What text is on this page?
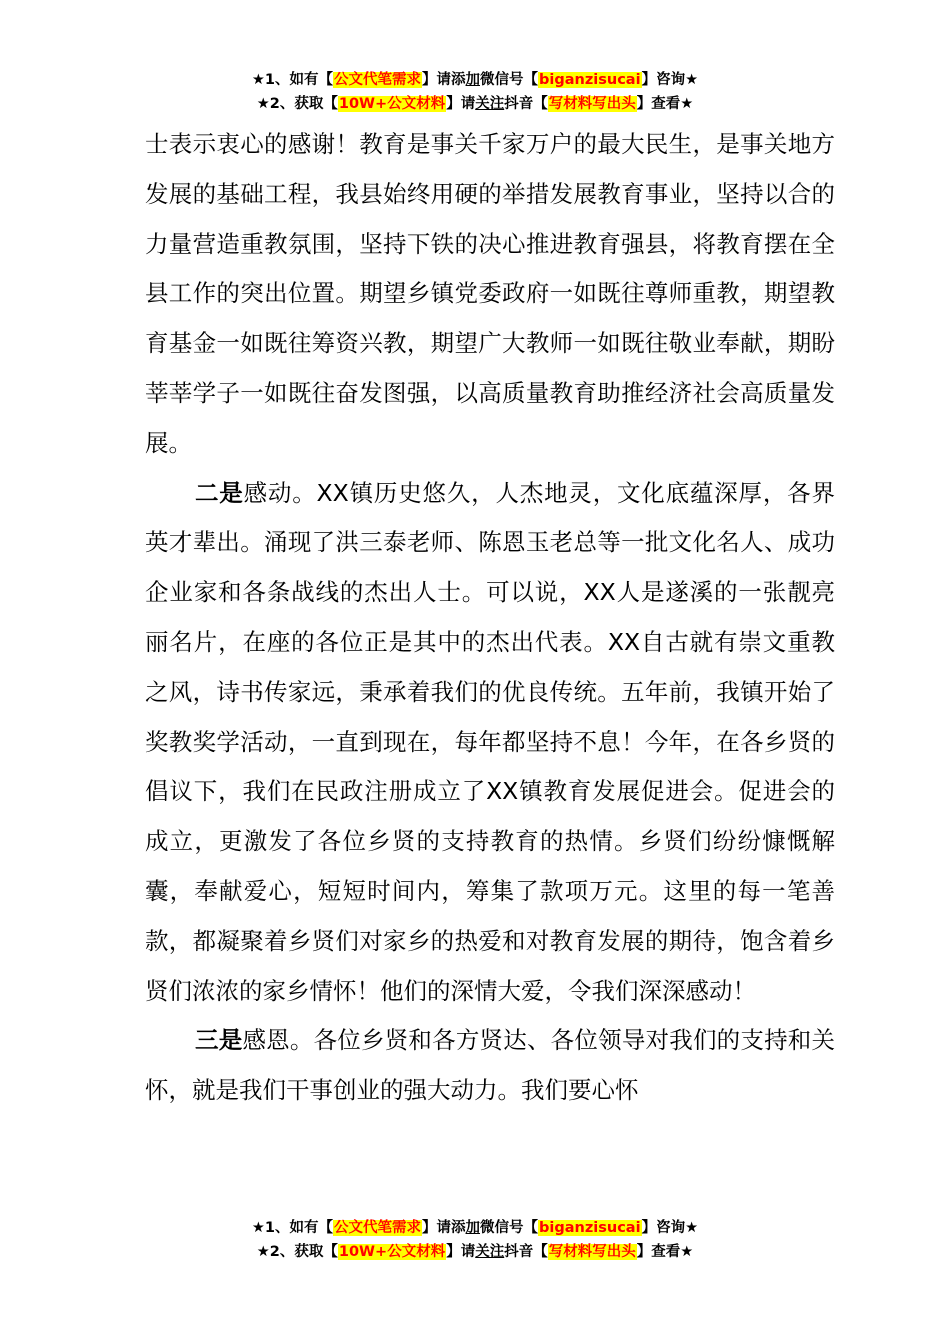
★1、如有【公文代笔需求】请添加微信号【biganzisucai】咨询★
★2、获取【10W+公文材料】请关注抖音【写材料写出头】查看★

士表示衷心的感谢！教育是事关千家万户的最大民生，是事关地方发展的基础工程，我县始终用硬的举措发展教育事业，坚持以合的力量营造重教氛围，坚持下铁的决心推进教育强县，将教育摆在全县工作的突出位置。期望乡镇党委政府一如既往尊师重教，期望教育基金一如既往筹资兴教，期望广大教师一如既往敬业奉献，期盼莘莘学子一如既往奋发图强，以高质量教育助推经济社会高质量发展。

二是感动。XX镇历史悠久，人杰地灵，文化底蕴深厚，各界英才辈出。涌现了洪三泰老师、陈恩玉老总等一批文化名人、成功企业家和各条战线的杰出人士。可以说，XX人是遂溪的一张靓亮丽名片，在座的各位正是其中的杰出代表。XX自古就有崇文重教之风，诗书传家远，秉承着我们的优良传统。五年前，我镇开始了奖教奖学活动，一直到现在，每年都坚持不息！今年，在各乡贤的倡议下，我们在民政注册成立了XX镇教育发展促进会。促进会的成立，更激发了各位乡贤的支持教育的热情。乡贤们纷纷慷慨解囊，奉献爱心，短短时间内，筹集了款项万元。这里的每一笔善款，都凝聚着乡贤们对家乡的热爱和对教育发展的期待，饱含着乡贤们浓浓的家乡情怀！他们的深情大爱，令我们深深感动！

三是感恩。各位乡贤和各方贤达、各位领导对我们的支持和关怀，就是我们干事创业的强大动力。我们要心怀

★1、如有【公文代笔需求】请添加微信号【biganzisucai】咨询★
★2、获取【10W+公文材料】请关注抖音【写材料写出头】查看★
